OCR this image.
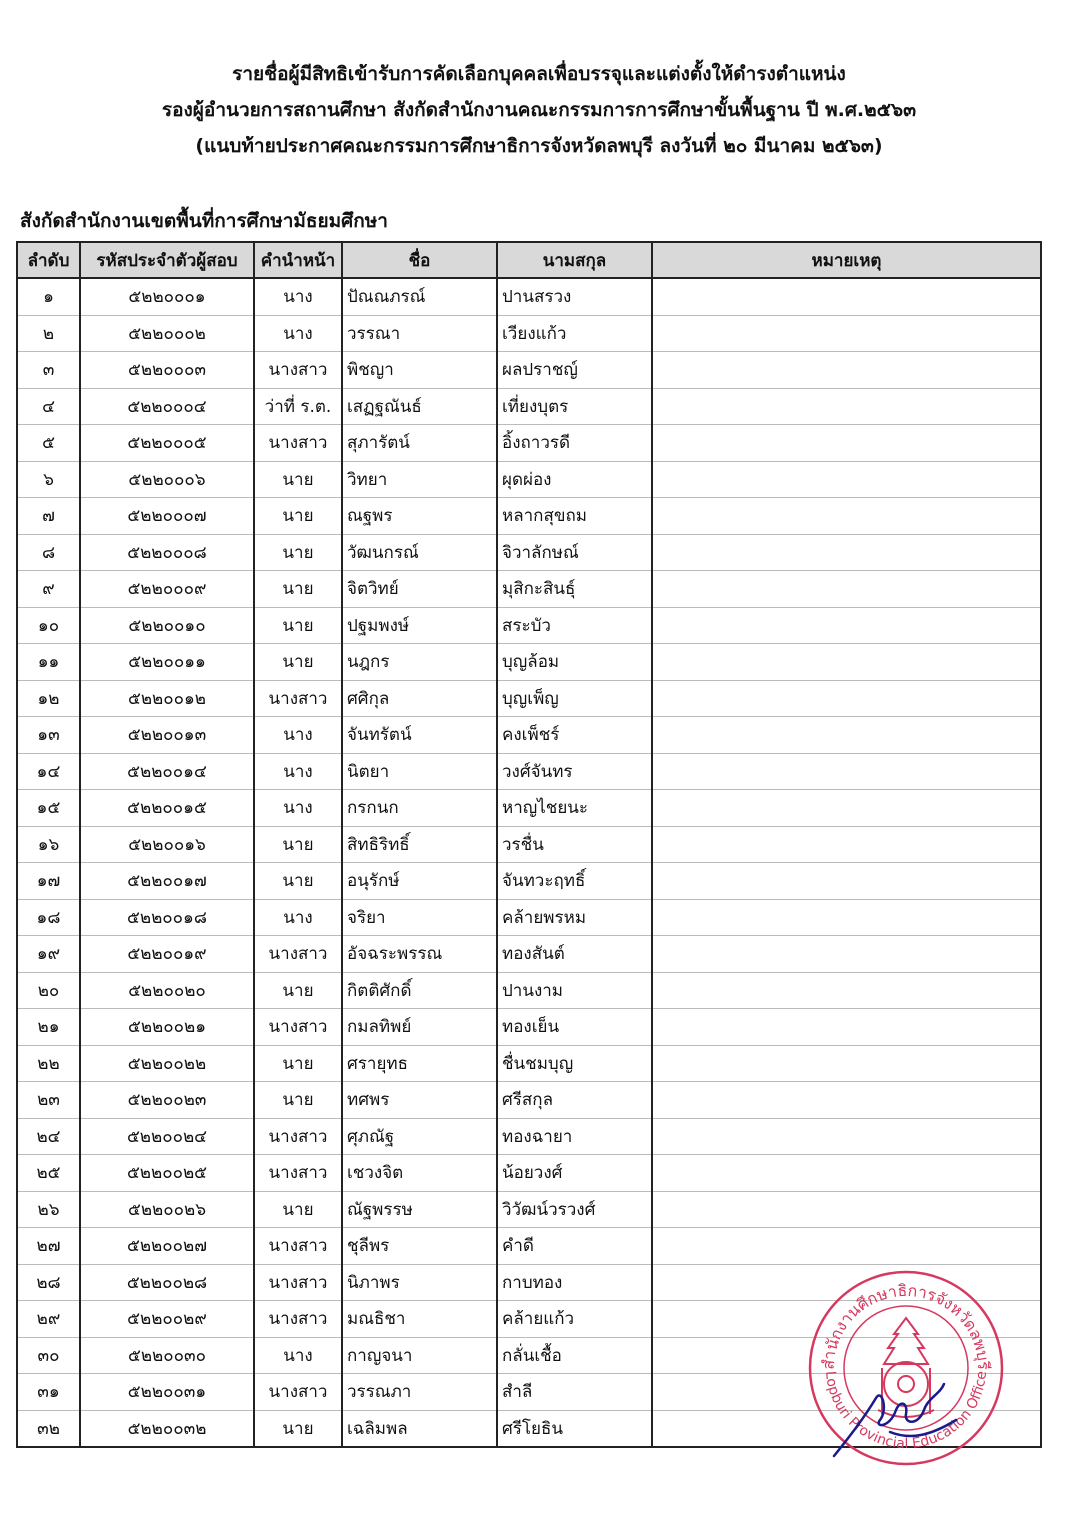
รายชื่อผู้มีสิทธิเข้ารับการคัดเลือกบุคคลเพื่อบรรจุและแต่งตั้งให้ดำรงตำแหน่ง
รองผู้อำนวยการสถานศึกษา สังกัดสำนักงานคณะกรรมการการศึกษาขั้นพื้นฐาน ปี พ.ศ.๒๕๖๓
(แนบท้ายประกาศคณะกรรมการศึกษาธิการจังหวัดลพบุรี ลงวันที่ ๒๐ มีนาคม ๒๕๖๓)
สังกัดสำนักงานเขตพื้นที่การศึกษามัธยมศึกษา
ลำดับ	รหัสประจำตัวผู้สอบ	คำนำหน้า	ชื่อ	นามสกุล	หมายเหตุ
๑	๕๒๒๐๐๐๑	นาง	ปัณณภรณ์	ปานสรวง	
๒	๕๒๒๐๐๐๒	นาง	วรรณา	เวียงแก้ว	
๓	๕๒๒๐๐๐๓	นางสาว	พิชญา	ผลปราชญ์	
๔	๕๒๒๐๐๐๔	ว่าที่ ร.ต.	เสฏฐณันธ์	เที่ยงบุตร	
๕	๕๒๒๐๐๐๕	นางสาว	สุภารัตน์	อิ้งถาวรดี	
๖	๕๒๒๐๐๐๖	นาย	วิทยา	ผุดผ่อง	
๗	๕๒๒๐๐๐๗	นาย	ณฐพร	หลากสุขถม	
๘	๕๒๒๐๐๐๘	นาย	วัฒนกรณ์	จิวาลักษณ์	
๙	๕๒๒๐๐๐๙	นาย	จิตวิทย์	มุสิกะสินธุ์	
๑๐	๕๒๒๐๐๑๐	นาย	ปฐมพงษ์	สระบัว	
๑๑	๕๒๒๐๐๑๑	นาย	นฎกร	บุญล้อม	
๑๒	๕๒๒๐๐๑๒	นางสาว	ศศิกุล	บุญเพ็ญ	
๑๓	๕๒๒๐๐๑๓	นาง	จันทรัตน์	คงเพ็ชร์	
๑๔	๕๒๒๐๐๑๔	นาง	นิตยา	วงศ์จันทร	
๑๕	๕๒๒๐๐๑๕	นาง	กรกนก	หาญไชยนะ	
๑๖	๕๒๒๐๐๑๖	นาย	สิทธิริทธิ์	วรชื่น	
๑๗	๕๒๒๐๐๑๗	นาย	อนุรักษ์	จันทวะฤทธิ์	
๑๘	๕๒๒๐๐๑๘	นาง	จริยา	คล้ายพรหม	
๑๙	๕๒๒๐๐๑๙	นางสาว	อัจฉระพรรณ	ทองสันต์	
๒๐	๕๒๒๐๐๒๐	นาย	กิตติศักดิ์	ปานงาม	
๒๑	๕๒๒๐๐๒๑	นางสาว	กมลทิพย์	ทองเย็น	
๒๒	๕๒๒๐๐๒๒	นาย	ศรายุทธ	ชื่นชมบุญ	
๒๓	๕๒๒๐๐๒๓	นาย	ทศพร	ศรีสกุล	
๒๔	๕๒๒๐๐๒๔	นางสาว	ศุภณัฐ	ทองฉายา	
๒๕	๕๒๒๐๐๒๕	นางสาว	เชวงจิต	น้อยวงศ์	
๒๖	๕๒๒๐๐๒๖	นาย	ณัฐพรรษ	วิวัฒน์วรวงศ์	
๒๗	๕๒๒๐๐๒๗	นางสาว	ชุลีพร	คำดี	
๒๘	๕๒๒๐๐๒๘	นางสาว	นิภาพร	กาบทอง	
๒๙	๕๒๒๐๐๒๙	นางสาว	มณธิชา	คล้ายแก้ว	
๓๐	๕๒๒๐๐๓๐	นาง	กาญจนา	กลั่นเชื้อ	
๓๑	๕๒๒๐๐๓๑	นางสาว	วรรณภา	สำลี	
๓๒	๕๒๒๐๐๓๒	นาย	เฉลิมพล	ศรีโยธิน	
สำนักงานศึกษาธิการจังหวัดลพบุรี
Lopburi Provincial Education Office
